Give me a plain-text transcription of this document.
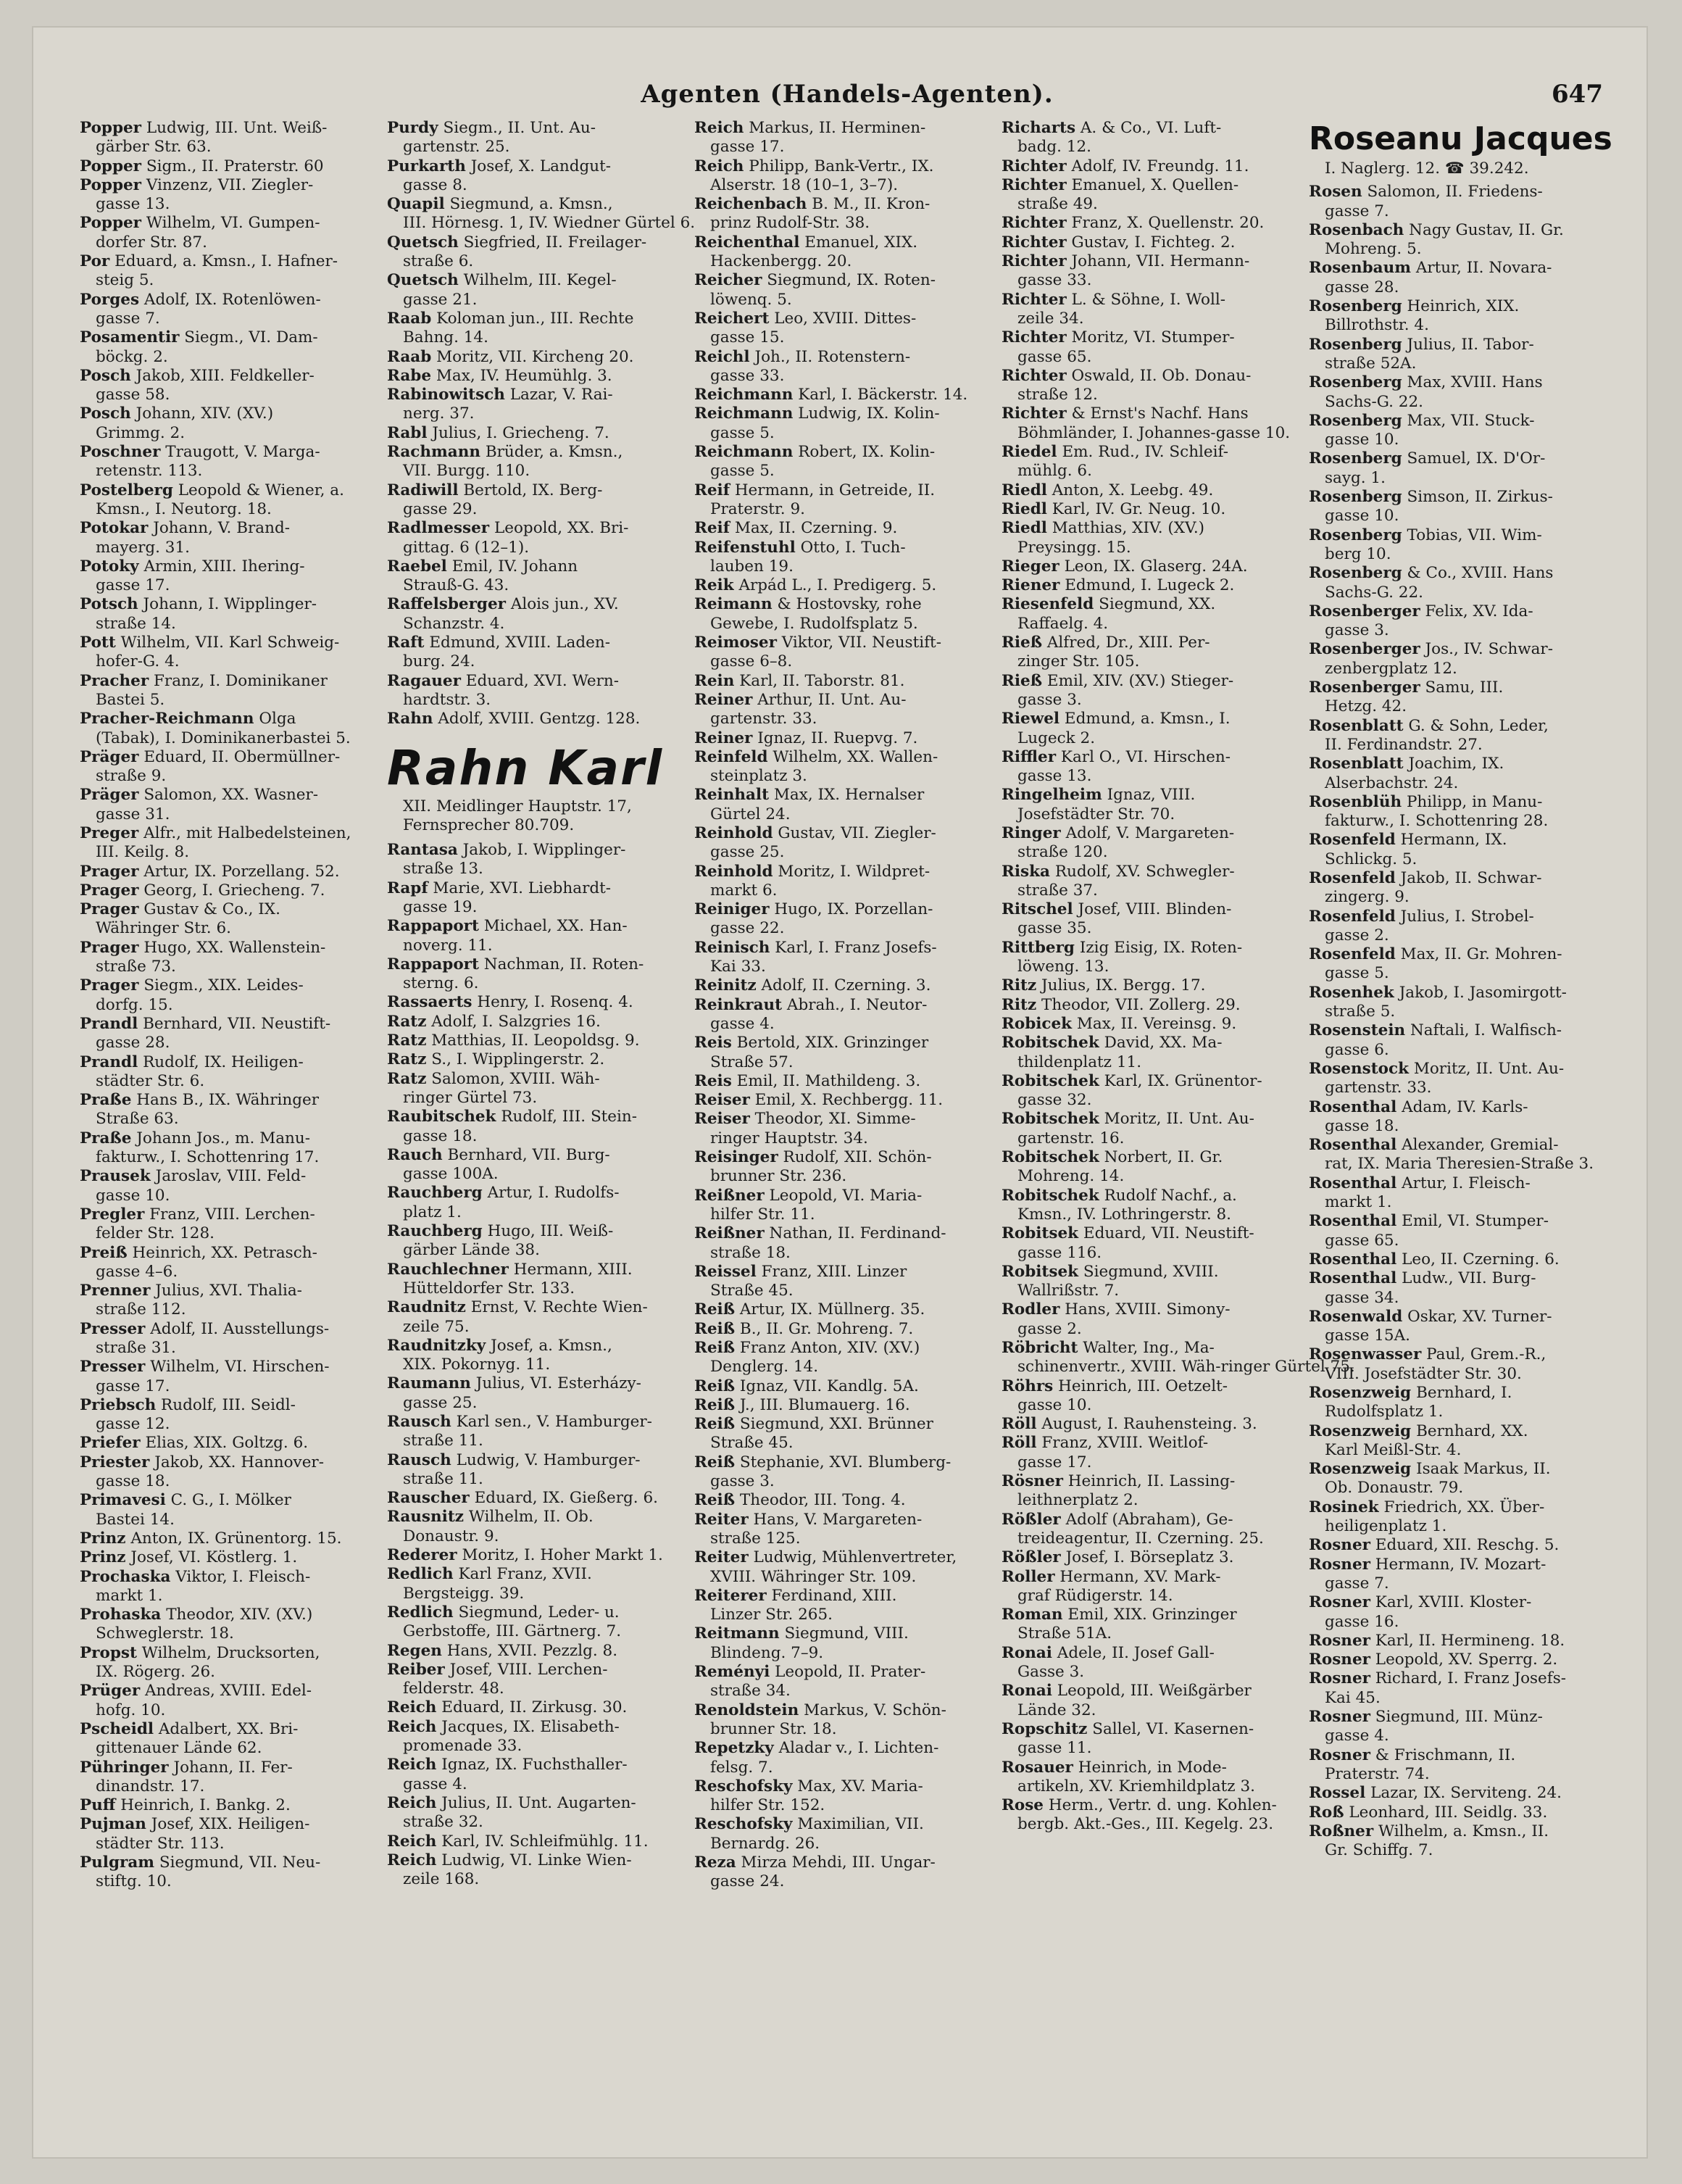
Agenten (Handels-Agenten).	647
Popper Ludwig, III. Unt. Weiß-
gärber Str. 63.
Popper Sigm., II. Praterstr. 60
Popper Vinzenz, VII. Ziegler-
gasse 13.
Popper Wilhelm, VI. Gumpen-
dorfer Str. 87.
Por Eduard, a. Kmsn., I. Hafner-
steig 5.
Porges Adolf, IX. Rotenlöwen-
gasse 7.
Posamentir Siegm., VI. Dam-
böckg. 2.
Posch Jakob, XIII. Feldkeller-
gasse 58.
Posch Johann, XIV. (XV.)
Grimmg. 2.
Poschner Traugott, V. Marga-
retenstr. 113.
Postelberg Leopold & Wiener, a.
Kmsn., I. Neutorg. 18.
Potokar Johann, V. Brand-
mayerg. 31.
Potoky Armin, XIII. Ihering-
gasse 17.
Potsch Johann, I. Wipplinger-
straße 14.
Pott Wilhelm, VII. Karl Schweig-
hofer-G. 4.
Pracher Franz, I. Dominikaner
Bastei 5.
Pracher-Reichmann Olga
(Tabak), I. Dominikanerbastei 5.
Präger Eduard, II. Obermüllner-
straße 9.
Präger Salomon, XX. Wasner-
gasse 31.
Preger Alfr., mit Halbedelsteinen,
III. Keilg. 8.
Prager Artur, IX. Porzellang. 52.
Prager Georg, I. Griecheng. 7.
Prager Gustav & Co., IX.
Währinger Str. 6.
Prager Hugo, XX. Wallenstein-
straße 73.
Prager Siegm., XIX. Leides-
dorfg. 15.
Prandl Bernhard, VII. Neustift-
gasse 28.
Prandl Rudolf, IX. Heiligen-
städter Str. 6.
Praße Hans B., IX. Währinger
Straße 63.
Praße Johann Jos., m. Manu-
fakturw., I. Schottenring 17.
Prausek Jaroslav, VIII. Feld-
gasse 10.
Pregler Franz, VIII. Lerchen-
felder Str. 128.
Preiß Heinrich, XX. Petrasch-
gasse 4–6.
Prenner Julius, XVI. Thalia-
straße 112.
Presser Adolf, II. Ausstellungs-
straße 31.
Presser Wilhelm, VI. Hirschen-
gasse 17.
Priebsch Rudolf, III. Seidl-
gasse 12.
Priefer Elias, XIX. Goltzg. 6.
Priester Jakob, XX. Hannover-
gasse 18.
Primavesi C. G., I. Mölker
Bastei 14.
Prinz Anton, IX. Grünentorg. 15.
Prinz Josef, VI. Köstlerg. 1.
Prochaska Viktor, I. Fleisch-
markt 1.
Prohaska Theodor, XIV. (XV.)
Schweglerstr. 18.
Propst Wilhelm, Drucksorten,
IX. Rögerg. 26.
Prüger Andreas, XVIII. Edel-
hofg. 10.
Pscheidl Adalbert, XX. Bri-
gittenauer Lände 62.
Pühringer Johann, II. Fer-
dinandstr. 17.
Puff Heinrich, I. Bankg. 2.
Pujman Josef, XIX. Heiligen-
städter Str. 113.
Pulgram Siegmund, VII. Neu-
stiftg. 10.
Purdy Siegm., II. Unt. Au-
gartenstr. 25.
Purkarth Josef, X. Landgut-
gasse 8.
Quapil Siegmund, a. Kmsn.,
III. Hörnesg. 1, IV. Wiedner Gürtel 6.
Quetsch Siegfried, II. Freilager-
straße 6.
Quetsch Wilhelm, III. Kegel-
gasse 21.
Raab Koloman jun., III. Rechte
Bahng. 14.
Raab Moritz, VII. Kircheng 20.
Rabe Max, IV. Heumühlg. 3.
Rabinowitsch Lazar, V. Rai-
nerg. 37.
Rabl Julius, I. Griecheng. 7.
Rachmann Brüder, a. Kmsn.,
VII. Burgg. 110.
Radiwill Bertold, IX. Berg-
gasse 29.
Radlmesser Leopold, XX. Bri-
gittag. 6 (12–1).
Raebel Emil, IV. Johann
Strauß-G. 43.
Raffelsberger Alois jun., XV.
Schanzstr. 4.
Raft Edmund, XVIII. Laden-
burg. 24.
Ragauer Eduard, XVI. Wern-
hardtstr. 3.
Rahn Adolf, XVIII. Gentzg. 128.
Rahn Karl
XII. Meidlinger Hauptstr. 17,
Fernsprecher 80.709.
Rantasa Jakob, I. Wipplinger-
straße 13.
Rapf Marie, XVI. Liebhardt-
gasse 19.
Rappaport Michael, XX. Han-
noverg. 11.
Rappaport Nachman, II. Roten-
sterng. 6.
Rassaerts Henry, I. Rosenq. 4.
Ratz Adolf, I. Salzgries 16.
Ratz Matthias, II. Leopoldsg. 9.
Ratz S., I. Wipplingerstr. 2.
Ratz Salomon, XVIII. Wäh-
ringer Gürtel 73.
Raubitschek Rudolf, III. Stein-
gasse 18.
Rauch Bernhard, VII. Burg-
gasse 100A.
Rauchberg Artur, I. Rudolfs-
platz 1.
Rauchberg Hugo, III. Weiß-
gärber Lände 38.
Rauchlechner Hermann, XIII.
Hütteldorfer Str. 133.
Raudnitz Ernst, V. Rechte Wien-
zeile 75.
Raudnitzky Josef, a. Kmsn.,
XIX. Pokornyg. 11.
Raumann Julius, VI. Esterházy-
gasse 25.
Rausch Karl sen., V. Hamburger-
straße 11.
Rausch Ludwig, V. Hamburger-
straße 11.
Rauscher Eduard, IX. Gießerg. 6.
Rausnitz Wilhelm, II. Ob.
Donaustr. 9.
Rederer Moritz, I. Hoher Markt 1.
Redlich Karl Franz, XVII.
Bergsteigg. 39.
Redlich Siegmund, Leder- u.
Gerbstoffe, III. Gärtnerg. 7.
Regen Hans, XVII. Pezzlg. 8.
Reiber Josef, VIII. Lerchen-
felderstr. 48.
Reich Eduard, II. Zirkusg. 30.
Reich Jacques, IX. Elisabeth-
promenade 33.
Reich Ignaz, IX. Fuchsthaller-
gasse 4.
Reich Julius, II. Unt. Augarten-
straße 32.
Reich Karl, IV. Schleifmühlg. 11.
Reich Ludwig, VI. Linke Wien-
zeile 168.
Reich Markus, II. Herminen-
gasse 17.
Reich Philipp, Bank-Vertr., IX.
Alserstr. 18 (10–1, 3–7).
Reichenbach B. M., II. Kron-
prinz Rudolf-Str. 38.
Reichenthal Emanuel, XIX.
Hackenbergg. 20.
Reicher Siegmund, IX. Roten-
löwenq. 5.
Reichert Leo, XVIII. Dittes-
gasse 15.
Reichl Joh., II. Rotenstern-
gasse 33.
Reichmann Karl, I. Bäckerstr. 14.
Reichmann Ludwig, IX. Kolin-
gasse 5.
Reichmann Robert, IX. Kolin-
gasse 5.
Reif Hermann, in Getreide, II.
Praterstr. 9.
Reif Max, II. Czerning. 9.
Reifenstuhl Otto, I. Tuch-
lauben 19.
Reik Arpád L., I. Predigerg. 5.
Reimann & Hostovsky, rohe
Gewebe, I. Rudolfsplatz 5.
Reimoser Viktor, VII. Neustift-
gasse 6–8.
Rein Karl, II. Taborstr. 81.
Reiner Arthur, II. Unt. Au-
gartenstr. 33.
Reiner Ignaz, II. Ruepvg. 7.
Reinfeld Wilhelm, XX. Wallen-
steinplatz 3.
Reinhalt Max, IX. Hernalser
Gürtel 24.
Reinhold Gustav, VII. Ziegler-
gasse 25.
Reinhold Moritz, I. Wildpret-
markt 6.
Reiniger Hugo, IX. Porzellan-
gasse 22.
Reinisch Karl, I. Franz Josefs-
Kai 33.
Reinitz Adolf, II. Czerning. 3.
Reinkraut Abrah., I. Neutor-
gasse 4.
Reis Bertold, XIX. Grinzinger
Straße 57.
Reis Emil, II. Mathildeng. 3.
Reiser Emil, X. Rechbergg. 11.
Reiser Theodor, XI. Simme-
ringer Hauptstr. 34.
Reisinger Rudolf, XII. Schön-
brunner Str. 236.
Reißner Leopold, VI. Maria-
hilfer Str. 11.
Reißner Nathan, II. Ferdinand-
straße 18.
Reissel Franz, XIII. Linzer
Straße 45.
Reiß Artur, IX. Müllnerg. 35.
Reiß B., II. Gr. Mohreng. 7.
Reiß Franz Anton, XIV. (XV.)
Denglerg. 14.
Reiß Ignaz, VII. Kandlg. 5A.
Reiß J., III. Blumauerg. 16.
Reiß Siegmund, XXI. Brünner
Straße 45.
Reiß Stephanie, XVI. Blumberg-
gasse 3.
Reiß Theodor, III. Tong. 4.
Reiter Hans, V. Margareten-
straße 125.
Reiter Ludwig, Mühlenvertreter,
XVIII. Währinger Str. 109.
Reiterer Ferdinand, XIII.
Linzer Str. 265.
Reitmann Siegmund, VIII.
Blindeng. 7–9.
Reményi Leopold, II. Prater-
straße 34.
Renoldstein Markus, V. Schön-
brunner Str. 18.
Repetzky Aladar v., I. Lichten-
felsg. 7.
Reschofsky Max, XV. Maria-
hilfer Str. 152.
Reschofsky Maximilian, VII.
Bernardg. 26.
Reza Mirza Mehdi, III. Ungar-
gasse 24.
Richarts A. & Co., VI. Luft-
badg. 12.
Richter Adolf, IV. Freundg. 11.
Richter Emanuel, X. Quellen-
straße 49.
Richter Franz, X. Quellenstr. 20.
Richter Gustav, I. Fichteg. 2.
Richter Johann, VII. Hermann-
gasse 33.
Richter L. & Söhne, I. Woll-
zeile 34.
Richter Moritz, VI. Stumper-
gasse 65.
Richter Oswald, II. Ob. Donau-
straße 12.
Richter & Ernst's Nachf. Hans
Böhmländer, I. Johannes-gasse 10.
Riedel Em. Rud., IV. Schleif-
mühlg. 6.
Riedl Anton, X. Leebg. 49.
Riedl Karl, IV. Gr. Neug. 10.
Riedl Matthias, XIV. (XV.)
Preysingg. 15.
Rieger Leon, IX. Glaserg. 24A.
Riener Edmund, I. Lugeck 2.
Riesenfeld Siegmund, XX.
Raffaelg. 4.
Rieß Alfred, Dr., XIII. Per-
zinger Str. 105.
Rieß Emil, XIV. (XV.) Stieger-
gasse 3.
Riewel Edmund, a. Kmsn., I.
Lugeck 2.
Riffler Karl O., VI. Hirschen-
gasse 13.
Ringelheim Ignaz, VIII.
Josefstädter Str. 70.
Ringer Adolf, V. Margareten-
straße 120.
Riska Rudolf, XV. Schwegler-
straße 37.
Ritschel Josef, VIII. Blinden-
gasse 35.
Rittberg Izig Eisig, IX. Roten-
löweng. 13.
Ritz Julius, IX. Bergg. 17.
Ritz Theodor, VII. Zollerg. 29.
Robicek Max, II. Vereinsg. 9.
Robitschek David, XX. Ma-
thildenplatz 11.
Robitschek Karl, IX. Grünentor-
gasse 32.
Robitschek Moritz, II. Unt. Au-
gartenstr. 16.
Robitschek Norbert, II. Gr.
Mohreng. 14.
Robitschek Rudolf Nachf., a.
Kmsn., IV. Lothringerstr. 8.
Robitsek Eduard, VII. Neustift-
gasse 116.
Robitsek Siegmund, XVIII.
Wallrißstr. 7.
Rodler Hans, XVIII. Simony-
gasse 2.
Röbricht Walter, Ing., Ma-
schinenvertr., XVIII. Wäh-ringer Gürtel 75.
Röhrs Heinrich, III. Oetzelt-
gasse 10.
Röll August, I. Rauhensteing. 3.
Röll Franz, XVIII. Weitlof-
gasse 17.
Rösner Heinrich, II. Lassing-
leithnerplatz 2.
Rößler Adolf (Abraham), Ge-
treideagentur, II. Czerning. 25.
Rößler Josef, I. Börseplatz 3.
Roller Hermann, XV. Mark-
graf Rüdigerstr. 14.
Roman Emil, XIX. Grinzinger
Straße 51A.
Ronai Adele, II. Josef Gall-
Gasse 3.
Ronai Leopold, III. Weißgärber
Lände 32.
Ropschitz Sallel, VI. Kasernen-
gasse 11.
Rosauer Heinrich, in Mode-
artikeln, XV. Kriemhildplatz 3.
Rose Herm., Vertr. d. ung. Kohlen-
bergb. Akt.-Ges., III. Kegelg. 23.
Roseanu Jacques
I. Naglerg. 12. ☎ 39.242.
Rosen Salomon, II. Friedens-
gasse 7.
Rosenbach Nagy Gustav, II. Gr.
Mohreng. 5.
Rosenbaum Artur, II. Novara-
gasse 28.
Rosenberg Heinrich, XIX.
Billrothstr. 4.
Rosenberg Julius, II. Tabor-
straße 52A.
Rosenberg Max, XVIII. Hans
Sachs-G. 22.
Rosenberg Max, VII. Stuck-
gasse 10.
Rosenberg Samuel, IX. D'Or-
sayg. 1.
Rosenberg Simson, II. Zirkus-
gasse 10.
Rosenberg Tobias, VII. Wim-
berg 10.
Rosenberg & Co., XVIII. Hans
Sachs-G. 22.
Rosenberger Felix, XV. Ida-
gasse 3.
Rosenberger Jos., IV. Schwar-
zenbergplatz 12.
Rosenberger Samu, III.
Hetzg. 42.
Rosenblatt G. & Sohn, Leder,
II. Ferdinandstr. 27.
Rosenblatt Joachim, IX.
Alserbachstr. 24.
Rosenblüh Philipp, in Manu-
fakturw., I. Schottenring 28.
Rosenfeld Hermann, IX.
Schlickg. 5.
Rosenfeld Jakob, II. Schwar-
zingerg. 9.
Rosenfeld Julius, I. Strobel-
gasse 2.
Rosenfeld Max, II. Gr. Mohren-
gasse 5.
Rosenhek Jakob, I. Jasomirgott-
straße 5.
Rosenstein Naftali, I. Walfisch-
gasse 6.
Rosenstock Moritz, II. Unt. Au-
gartenstr. 33.
Rosenthal Adam, IV. Karls-
gasse 18.
Rosenthal Alexander, Gremial-
rat, IX. Maria Theresien-Straße 3.
Rosenthal Artur, I. Fleisch-
markt 1.
Rosenthal Emil, VI. Stumper-
gasse 65.
Rosenthal Leo, II. Czerning. 6.
Rosenthal Ludw., VII. Burg-
gasse 34.
Rosenwald Oskar, XV. Turner-
gasse 15A.
Rosenwasser Paul, Grem.-R.,
VIII. Josefstädter Str. 30.
Rosenzweig Bernhard, I.
Rudolfsplatz 1.
Rosenzweig Bernhard, XX.
Karl Meißl-Str. 4.
Rosenzweig Isaak Markus, II.
Ob. Donaustr. 79.
Rosinek Friedrich, XX. Über-
heiligenplatz 1.
Rosner Eduard, XII. Reschg. 5.
Rosner Hermann, IV. Mozart-
gasse 7.
Rosner Karl, XVIII. Kloster-
gasse 16.
Rosner Karl, II. Hermineng. 18.
Rosner Leopold, XV. Sperrg. 2.
Rosner Richard, I. Franz Josefs-
Kai 45.
Rosner Siegmund, III. Münz-
gasse 4.
Rosner & Frischmann, II.
Praterstr. 74.
Rossel Lazar, IX. Serviteng. 24.
Roß Leonhard, III. Seidlg. 33.
Roßner Wilhelm, a. Kmsn., II.
Gr. Schiffg. 7.
